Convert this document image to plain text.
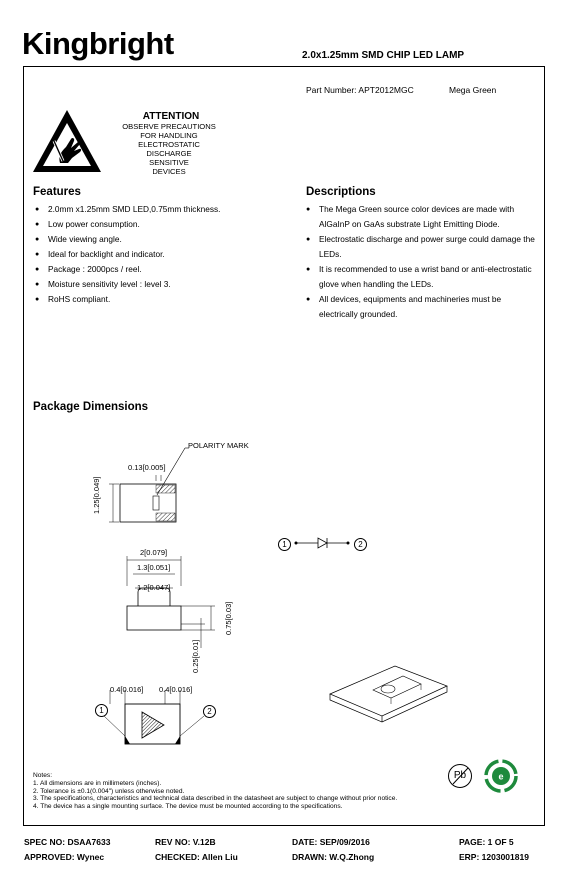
Kingbright	2.0x1.25mm SMD CHIP LED LAMP
Part Number: APT2012MGC	Mega Green
ATTENTION
OBSERVE PRECAUTIONS
FOR HANDLING
ELECTROSTATIC
DISCHARGE
SENSITIVE
DEVICES
Features
● 2.0mm x1.25mm SMD LED,0.75mm thickness.
● Low power consumption.
● Wide viewing angle.
● Ideal for backlight and indicator.
● Package : 2000pcs / reel.
● Moisture sensitivity level : level 3.
● RoHS compliant.
Descriptions
● The Mega Green source color devices are made with AlGaInP on GaAs substrate Light Emitting Diode.
● Electrostatic discharge and power surge could damage the LEDs.
● It is recommended to use a wrist band or anti-electrostatic glove when handling the LEDs.
● All devices, equipments and machineries must be electrically grounded.
Package Dimensions
POLARITY MARK
0.13[0.005]
1.25[0.049]
2[0.079]
1.3[0.051]
1.2[0.047]
0.75[0.03]
0.25[0.01]
0.4[0.016] 0.4[0.016]
1	2
1	2
Notes:
1. All dimensions are in millimeters (inches).
2. Tolerance is ±0.1(0.004") unless otherwise noted.
3. The specifications, characteristics and technical data described in the datasheet are subject to change without prior notice.
4. The device has a single mounting surface. The device must be mounted according to the specifications.
Pb	e
SPEC NO: DSAA7633	REV NO: V.12B	DATE: SEP/09/2016	PAGE: 1 OF 5
APPROVED: Wynec	CHECKED: Allen Liu	DRAWN: W.Q.Zhong	ERP: 1203001819
